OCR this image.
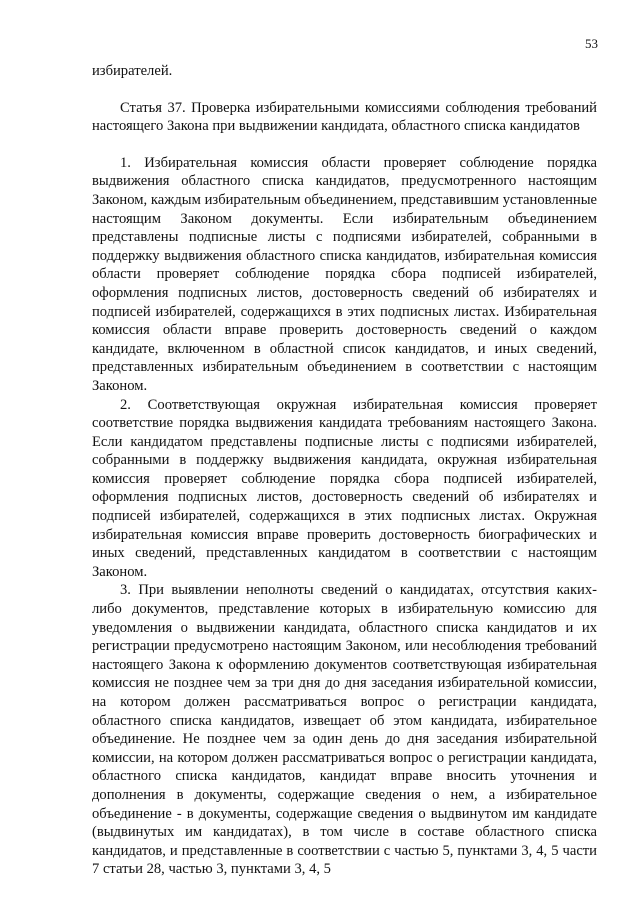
53

избирателей.

Статья 37. Проверка избирательными комиссиями соблюдения требований настоящего Закона при выдвижении кандидата, областного списка кандидатов

1. Избирательная комиссия области проверяет соблюдение порядка выдвижения областного списка кандидатов, предусмотренного настоящим Законом, каждым избирательным объединением, представившим установленные настоящим Законом документы. Если избирательным объединением представлены подписные листы с подписями избирателей, собранными в поддержку выдвижения областного списка кандидатов, избирательная комиссия области проверяет соблюдение порядка сбора подписей избирателей, оформления подписных листов, достоверность сведений об избирателях и подписей избирателей, содержащихся в этих подписных листах. Избирательная комиссия области вправе проверить достоверность сведений о каждом кандидате, включенном в областной список кандидатов, и иных сведений, представленных избирательным объединением в соответствии с настоящим Законом.

2. Соответствующая окружная избирательная комиссия проверяет соответствие порядка выдвижения кандидата требованиям настоящего Закона. Если кандидатом представлены подписные листы с подписями избирателей, собранными в поддержку выдвижения кандидата, окружная избирательная комиссия проверяет соблюдение порядка сбора подписей избирателей, оформления подписных листов, достоверность сведений об избирателях и подписей избирателей, содержащихся в этих подписных листах. Окружная избирательная комиссия вправе проверить достоверность биографических и иных сведений, представленных кандидатом в соответствии с настоящим Законом.

3. При выявлении неполноты сведений о кандидатах, отсутствия каких-либо документов, представление которых в избирательную комиссию для уведомления о выдвижении кандидата, областного списка кандидатов и их регистрации предусмотрено настоящим Законом, или несоблюдения требований настоящего Закона к оформлению документов соответствующая избирательная комиссия не позднее чем за три дня до дня заседания избирательной комиссии, на котором должен рассматриваться вопрос о регистрации кандидата, областного списка кандидатов, извещает об этом кандидата, избирательное объединение. Не позднее чем за один день до дня заседания избирательной комиссии, на котором должен рассматриваться вопрос о регистрации кандидата, областного списка кандидатов, кандидат вправе вносить уточнения и дополнения в документы, содержащие сведения о нем, а избирательное объединение - в документы, содержащие сведения о выдвинутом им кандидате (выдвинутых им кандидатах), в том числе в составе областного списка кандидатов, и представленные в соответствии с частью 5, пунктами 3, 4, 5 части 7 статьи 28, частью 3, пунктами 3, 4, 5
